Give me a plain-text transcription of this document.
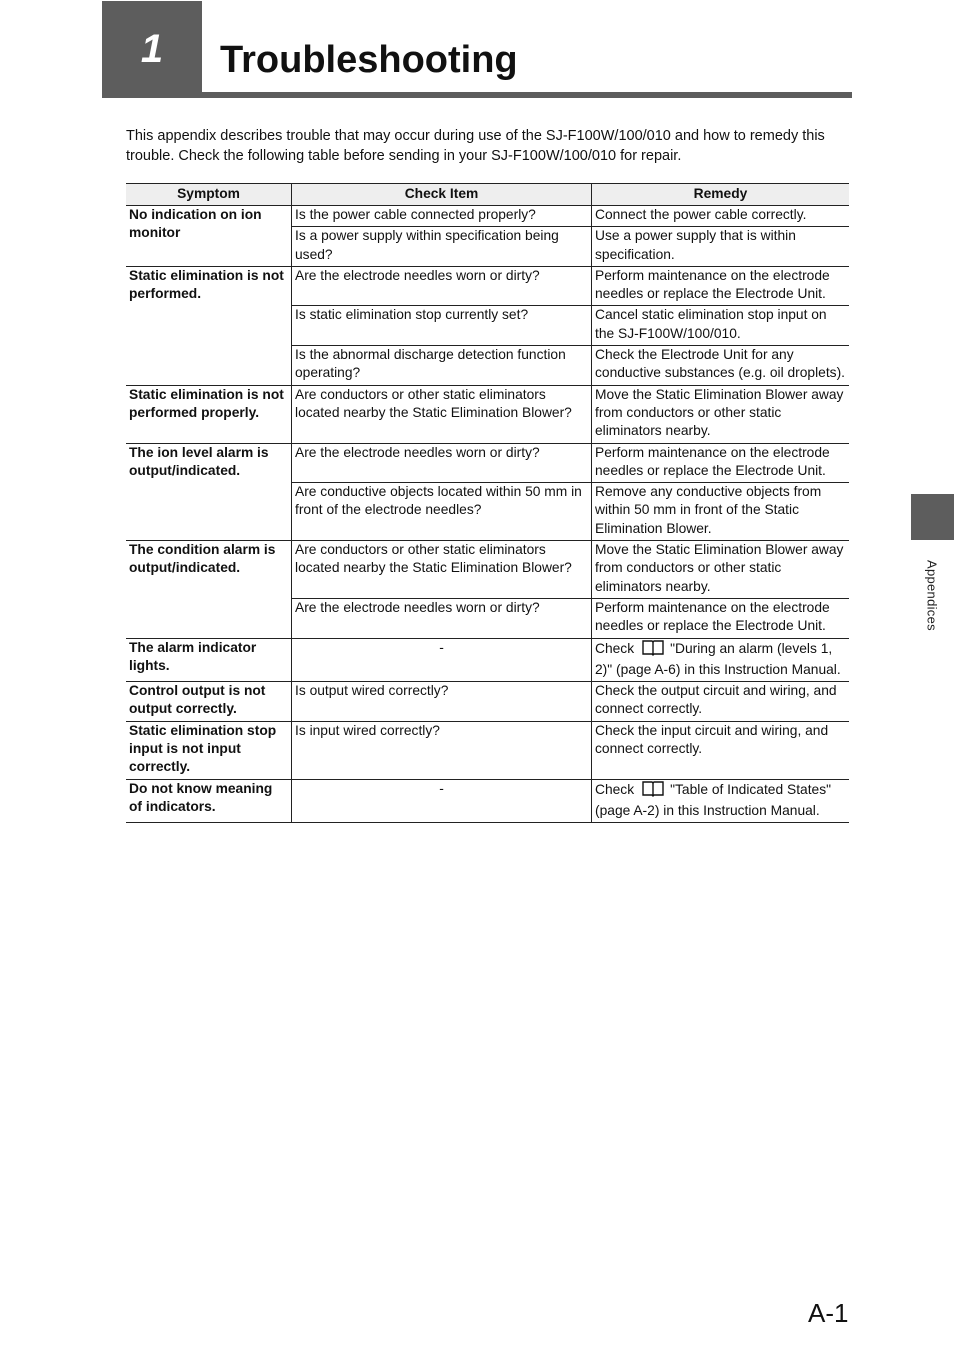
1 Troubleshooting

This appendix describes trouble that may occur during use of the SJ-F100W/100/010 and how to remedy this trouble. Check the following table before sending in your SJ-F100W/100/010 for repair.

Symptom	Check Item	Remedy
No indication on ion monitor	Is the power cable connected properly?	Connect the power cable correctly.
	Is a power supply within specification being used?	Use a power supply that is within specification.
Static elimination is not performed.	Are the electrode needles worn or dirty?	Perform maintenance on the electrode needles or replace the Electrode Unit.
	Is static elimination stop currently set?	Cancel static elimination stop input on the SJ-F100W/100/010.
	Is the abnormal discharge detection function operating?	Check the Electrode Unit for any conductive substances (e.g. oil droplets).
Static elimination is not performed properly.	Are conductors or other static eliminators located nearby the Static Elimination Blower?	Move the Static Elimination Blower away from conductors or other static eliminators nearby.
The ion level alarm is output/indicated.	Are the electrode needles worn or dirty?	Perform maintenance on the electrode needles or replace the Electrode Unit.
	Are conductive objects located within 50 mm in front of the electrode needles?	Remove any conductive objects from within 50 mm in front of the Static Elimination Blower.
The condition alarm is output/indicated.	Are conductors or other static eliminators located nearby the Static Elimination Blower?	Move the Static Elimination Blower away from conductors or other static eliminators nearby.
	Are the electrode needles worn or dirty?	Perform maintenance on the electrode needles or replace the Electrode Unit.
The alarm indicator lights.	-	Check "During an alarm (levels 1, 2)" (page A-6) in this Instruction Manual.
Control output is not output correctly.	Is output wired correctly?	Check the output circuit and wiring, and connect correctly.
Static elimination stop input is not input correctly.	Is input wired correctly?	Check the input circuit and wiring, and connect correctly.
Do not know meaning of indicators.	-	Check "Table of Indicated States" (page A-2) in this Instruction Manual.
Appendices
A-1
